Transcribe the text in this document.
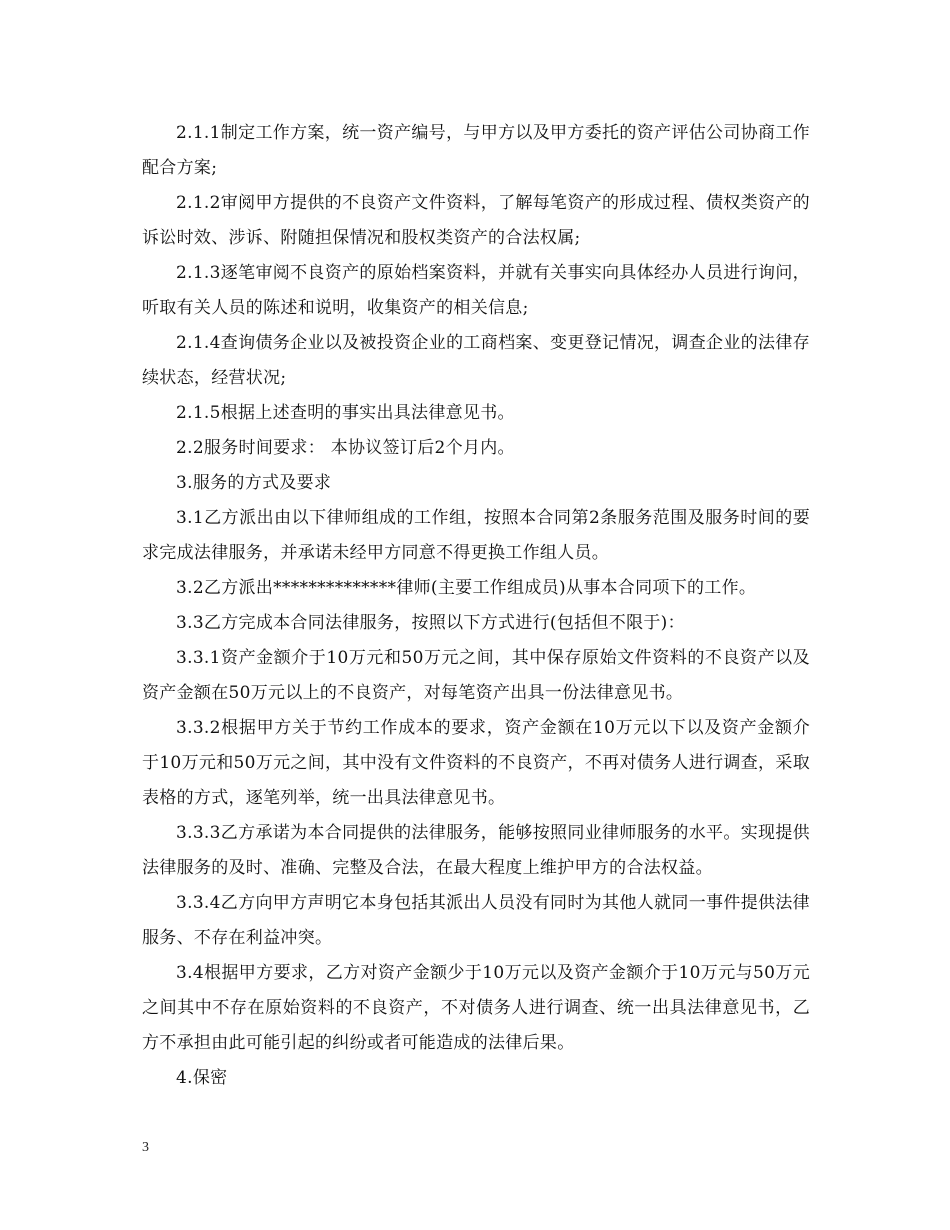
2.1.1制定工作方案，统一资产编号，与甲方以及甲方委托的资产评估公司协商工作配合方案;

2.1.2审阅甲方提供的不良资产文件资料，了解每笔资产的形成过程、债权类资产的诉讼时效、涉诉、附随担保情况和股权类资产的合法权属;

2.1.3逐笔审阅不良资产的原始档案资料，并就有关事实向具体经办人员进行询问，听取有关人员的陈述和说明，收集资产的相关信息;

2.1.4查询债务企业以及被投资企业的工商档案、变更登记情况，调查企业的法律存续状态，经营状况;

2.1.5根据上述查明的事实出具法律意见书。

2.2服务时间要求： 本协议签订后2个月内。

3.服务的方式及要求

3.1乙方派出由以下律师组成的工作组，按照本合同第2条服务范围及服务时间的要求完成法律服务，并承诺未经甲方同意不得更换工作组人员。

3.2乙方派出**************律师(主要工作组成员)从事本合同项下的工作。

3.3乙方完成本合同法律服务，按照以下方式进行(包括但不限于)：

3.3.1资产金额介于10万元和50万元之间，其中保存原始文件资料的不良资产以及资产金额在50万元以上的不良资产，对每笔资产出具一份法律意见书。

3.3.2根据甲方关于节约工作成本的要求，资产金额在10万元以下以及资产金额介于10万元和50万元之间，其中没有文件资料的不良资产，不再对债务人进行调查，采取表格的方式，逐笔列举，统一出具法律意见书。

3.3.3乙方承诺为本合同提供的法律服务，能够按照同业律师服务的水平。实现提供法律服务的及时、准确、完整及合法，在最大程度上维护甲方的合法权益。

3.3.4乙方向甲方声明它本身包括其派出人员没有同时为其他人就同一事件提供法律服务、不存在利益冲突。

3.4根据甲方要求，乙方对资产金额少于10万元以及资产金额介于10万元与50万元之间其中不存在原始资料的不良资产，不对债务人进行调查、统一出具法律意见书，乙方不承担由此可能引起的纠纷或者可能造成的法律后果。

4.保密

3
